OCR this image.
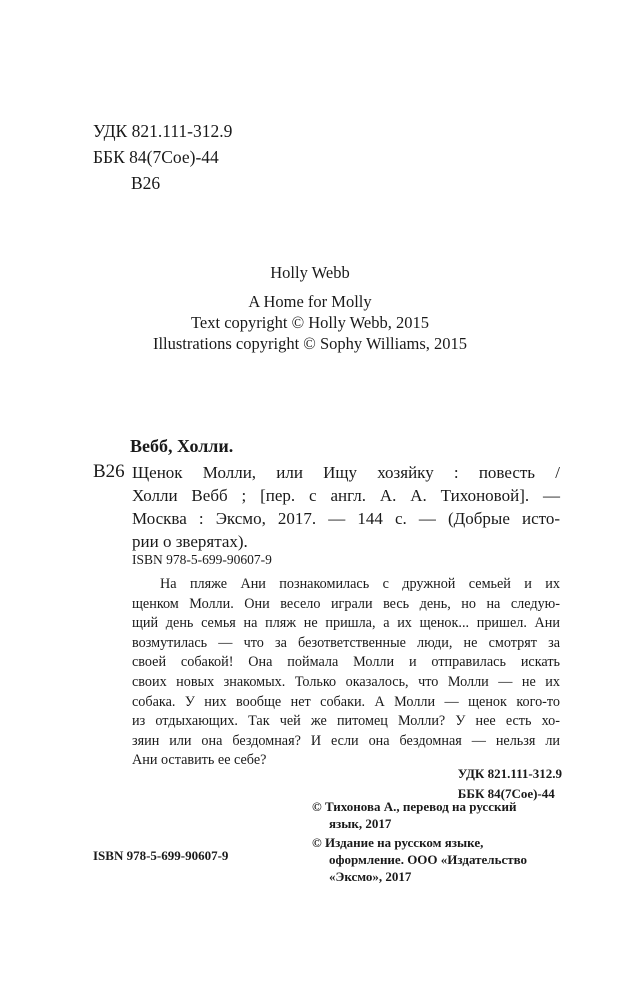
УДК 821.111-312.9
ББК 84(7Сое)-44
В26
Holly Webb
A Home for Molly
Text copyright © Holly Webb, 2015
Illustrations copyright © Sophy Williams, 2015
Вебб, Холли.
В26 Щенок Молли, или Ищу хозяйку : повесть /
Холли Вебб ; [пер. с англ. А. А. Тихоновой]. —
Москва : Эксмо, 2017. — 144 с. — (Добрые исто-
рии о зверятах).
ISBN 978-5-699-90607-9
На пляже Ани познакомилась с дружной семьей и их
щенком Молли. Они весело играли весь день, но на следую-
щий день семья на пляж не пришла, а их щенок... пришел. Ани
возмутилась — что за безответственные люди, не смотрят за
своей собакой! Она поймала Молли и отправилась искать
своих новых знакомых. Только оказалось, что Молли — не их
собака. У них вообще нет собаки. А Молли — щенок кого-то
из отдыхающих. Так чей же питомец Молли? У нее есть хо-
зяин или она бездомная? И если она бездомная — нельзя ли
Ани оставить ее себе?
УДК 821.111-312.9
ББК 84(7Сое)-44
© Тихонова А., перевод на русский
язык, 2017
© Издание на русском языке,
оформление. ООО «Издательство
«Эксмо», 2017
ISBN 978-5-699-90607-9
